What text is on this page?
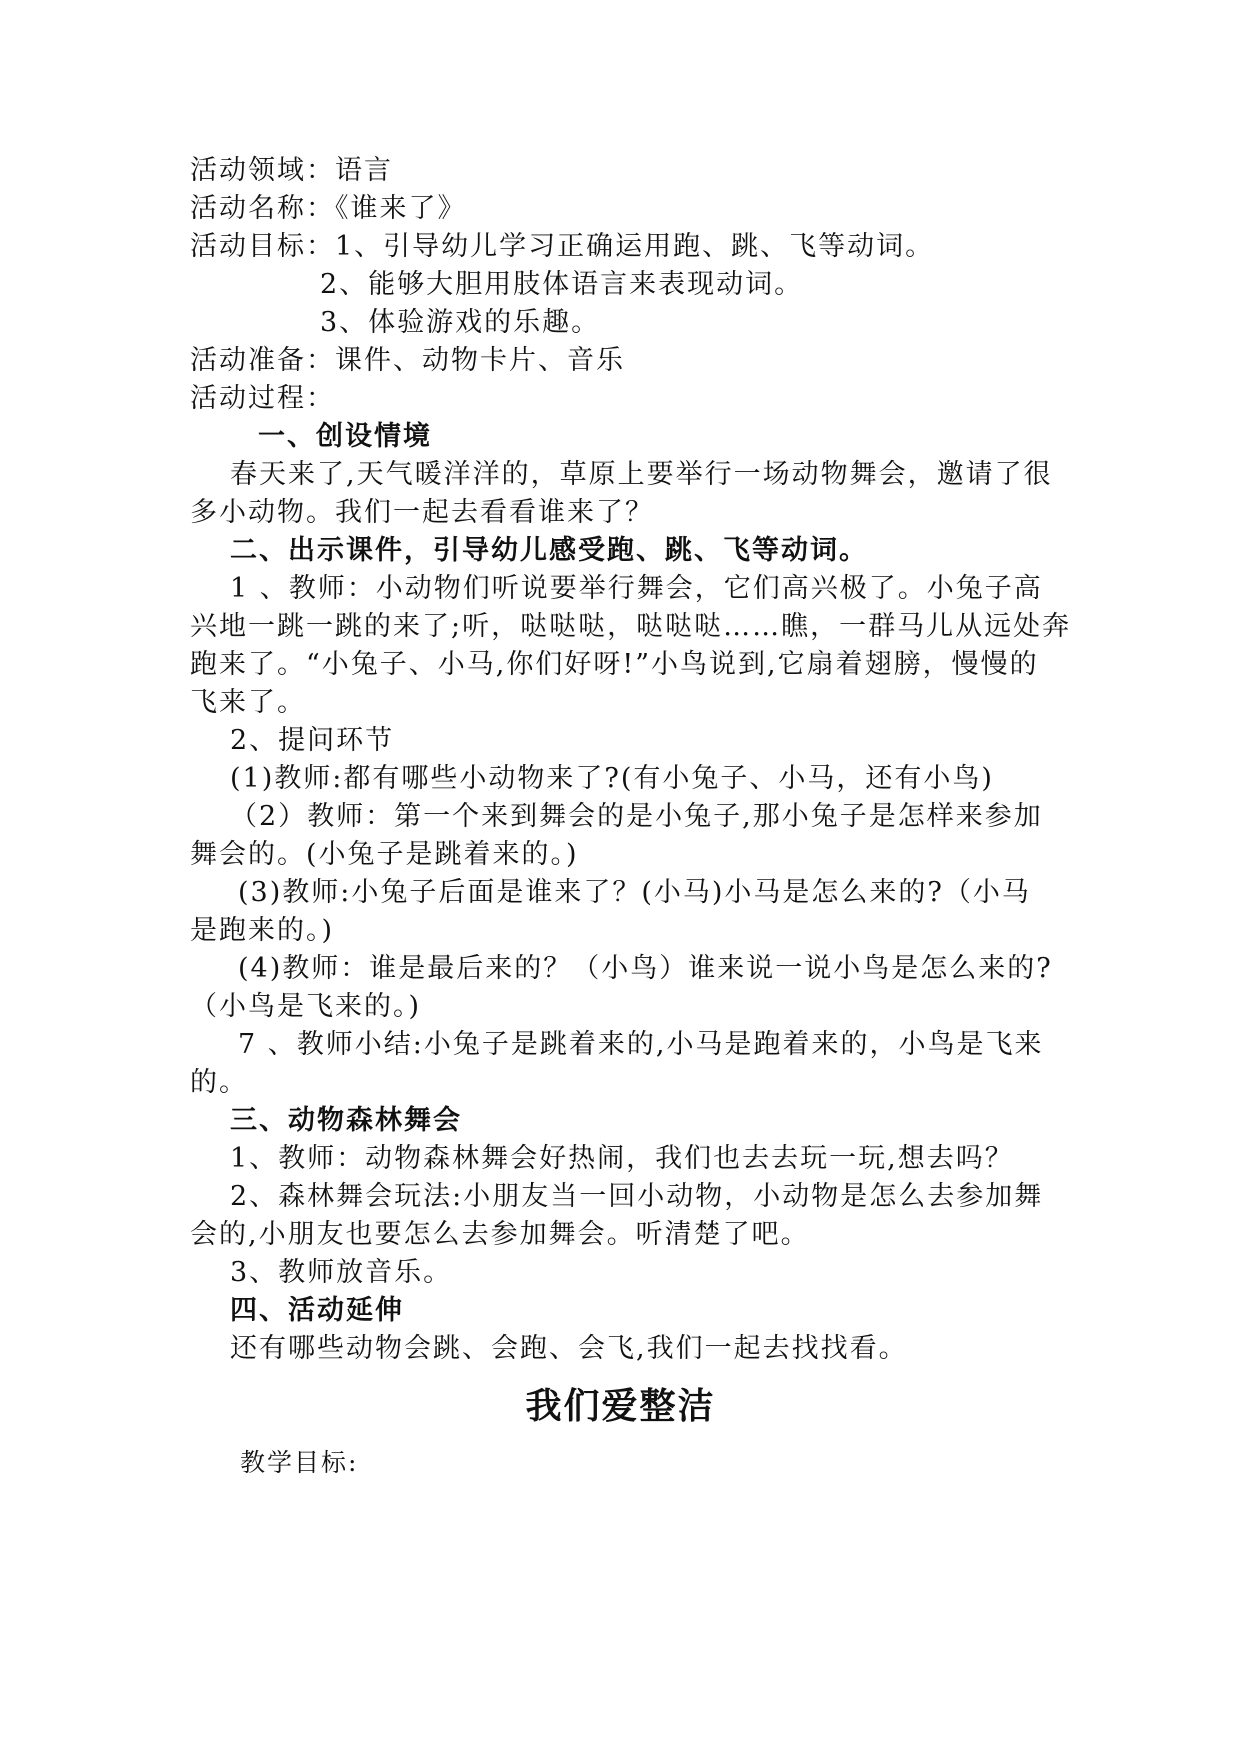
活动领域：语言
活动名称：《谁来了》
活动目标：1、引导幼儿学习正确运用跑、跳、飞等动词。
2、能够大胆用肢体语言来表现动词。
3、体验游戏的乐趣。
活动准备：课件、动物卡片、音乐
活动过程：
一、创设情境
春天来了,天气暖洋洋的，草原上要举行一场动物舞会，邀请了很
多小动物。我们一起去看看谁来了？
二、出示课件，引导幼儿感受跑、跳、飞等动词。
1 、教师：小动物们听说要举行舞会，它们高兴极了。小兔子高
兴地一跳一跳的来了;听，哒哒哒，哒哒哒……瞧，一群马儿从远处奔
跑来了。“小兔子、小马,你们好呀!”小鸟说到,它扇着翅膀，慢慢的
飞来了。
2、提问环节
(1)教师:都有哪些小动物来了?(有小兔子、小马，还有小鸟)
（2）教师：第一个来到舞会的是小兔子,那小兔子是怎样来参加
舞会的。(小兔子是跳着来的。)
(3)教师:小兔子后面是谁来了？(小马)小马是怎么来的?（小马
是跑来的。)
(4)教师：谁是最后来的？（小鸟）谁来说一说小鸟是怎么来的?
（小鸟是飞来的。)
7 、教师小结:小兔子是跳着来的,小马是跑着来的，小鸟是飞来
的。
三、动物森林舞会
1、教师：动物森林舞会好热闹，我们也去去玩一玩,想去吗？
2、森林舞会玩法:小朋友当一回小动物，小动物是怎么去参加舞
会的,小朋友也要怎么去参加舞会。听清楚了吧。
3、教师放音乐。
四、活动延伸
还有哪些动物会跳、会跑、会飞,我们一起去找找看。
我们爱整洁
教学目标:
